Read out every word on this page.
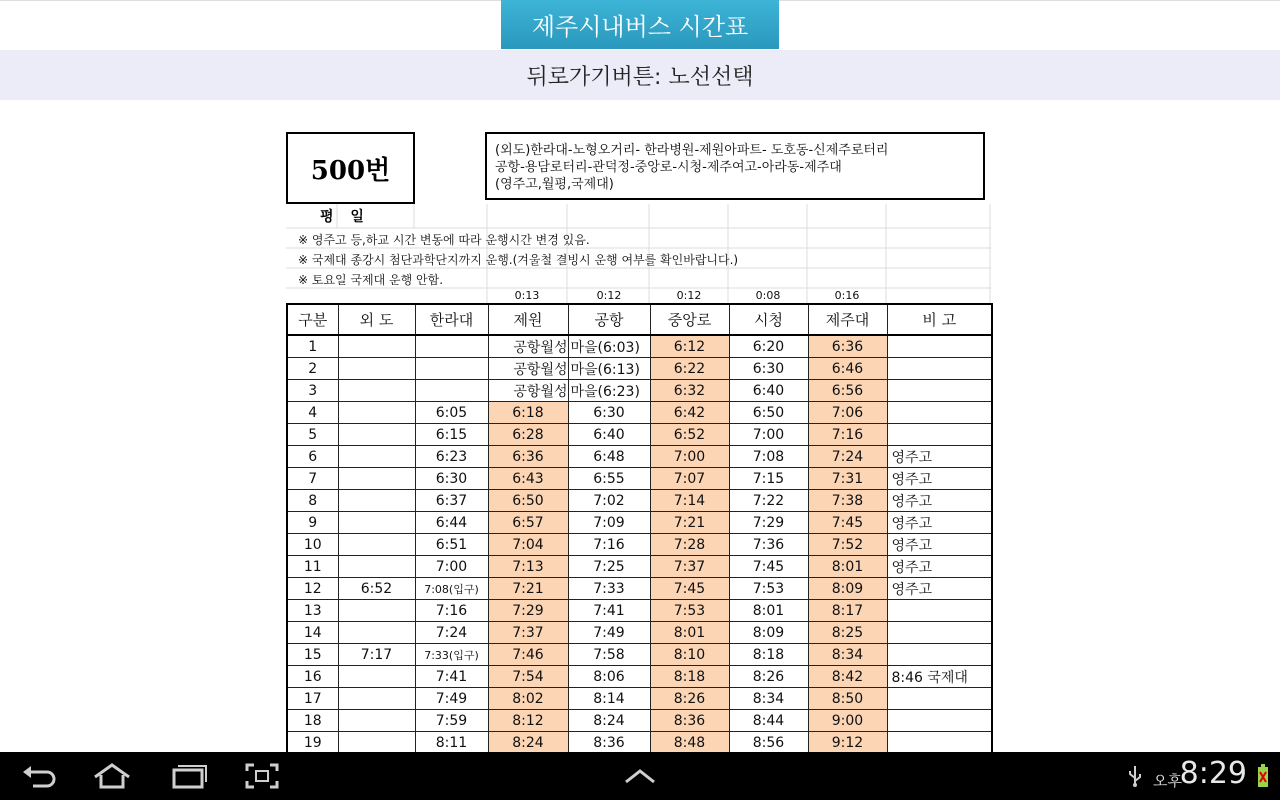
제주시내버스 시간표
뒤로가기버튼: 노선선택
500번
(외도)한라대-노형오거리- 한라병원-제원아파트- 도호동-신제주로터리
공항-용담로터리-관덕정-중앙로-시청-제주여고-아라동-제주대
(영주고,월평,국제대)
평 일
※ 영주고 등,하교 시간 변동에 따라 운행시간 변경 있음.
※ 국제대 종강시 첨단과학단지까지 운행.(겨울철 결빙시 운행 여부를 확인바랍니다.)
※ 토요일 국제대 운행 안함.
0:13	0:12	0:12	0:08	0:16
구분	외 도	한라대	제원	공항	중앙로	시청	제주대	비 고
1			공항월성	마을(6:03)	6:12	6:20	6:36	
2			공항월성	마을(6:13)	6:22	6:30	6:46	
3			공항월성	마을(6:23)	6:32	6:40	6:56	
4		6:05	6:18	6:30	6:42	6:50	7:06	
5		6:15	6:28	6:40	6:52	7:00	7:16	
6		6:23	6:36	6:48	7:00	7:08	7:24	영주고
7		6:30	6:43	6:55	7:07	7:15	7:31	영주고
8		6:37	6:50	7:02	7:14	7:22	7:38	영주고
9		6:44	6:57	7:09	7:21	7:29	7:45	영주고
10		6:51	7:04	7:16	7:28	7:36	7:52	영주고
11		7:00	7:13	7:25	7:37	7:45	8:01	영주고
12	6:52	7:08(입구)	7:21	7:33	7:45	7:53	8:09	영주고
13		7:16	7:29	7:41	7:53	8:01	8:17	
14		7:24	7:37	7:49	8:01	8:09	8:25	
15	7:17	7:33(입구)	7:46	7:58	8:10	8:18	8:34	
16		7:41	7:54	8:06	8:18	8:26	8:42	8:46 국제대
17		7:49	8:02	8:14	8:26	8:34	8:50	
18		7:59	8:12	8:24	8:36	8:44	9:00	
19		8:11	8:24	8:36	8:48	8:56	9:12	
오후
8:29
